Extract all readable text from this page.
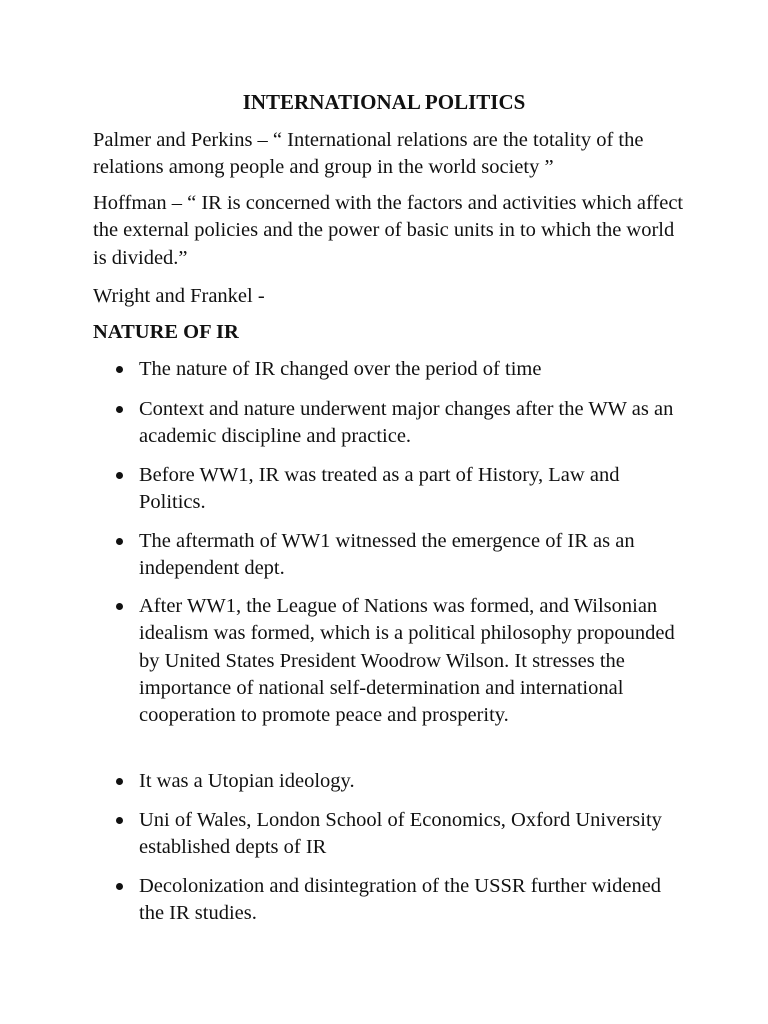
INTERNATIONAL POLITICS

Palmer and Perkins – “ International relations are the totality of the relations among people and group in the world society ”

Hoffman – “ IR is concerned with the factors and activities which affect the external policies and the power of basic units in to which the world is divided.”

Wright and Frankel -

NATURE OF IR

The nature of IR changed over the period of time

Context and nature underwent major changes after the WW as an academic discipline and practice.

Before WW1, IR was treated as a part of History, Law and Politics.

The aftermath of WW1 witnessed the emergence of IR as an independent dept.

After WW1, the League of Nations was formed, and Wilsonian idealism was formed, which is a political philosophy propounded by United States President Woodrow Wilson. It stresses the importance of national self-determination and international cooperation to promote peace and prosperity.

It was a Utopian ideology.

Uni of Wales, London School of Economics, Oxford University established depts of IR

Decolonization and disintegration of the USSR further widened the IR studies.
